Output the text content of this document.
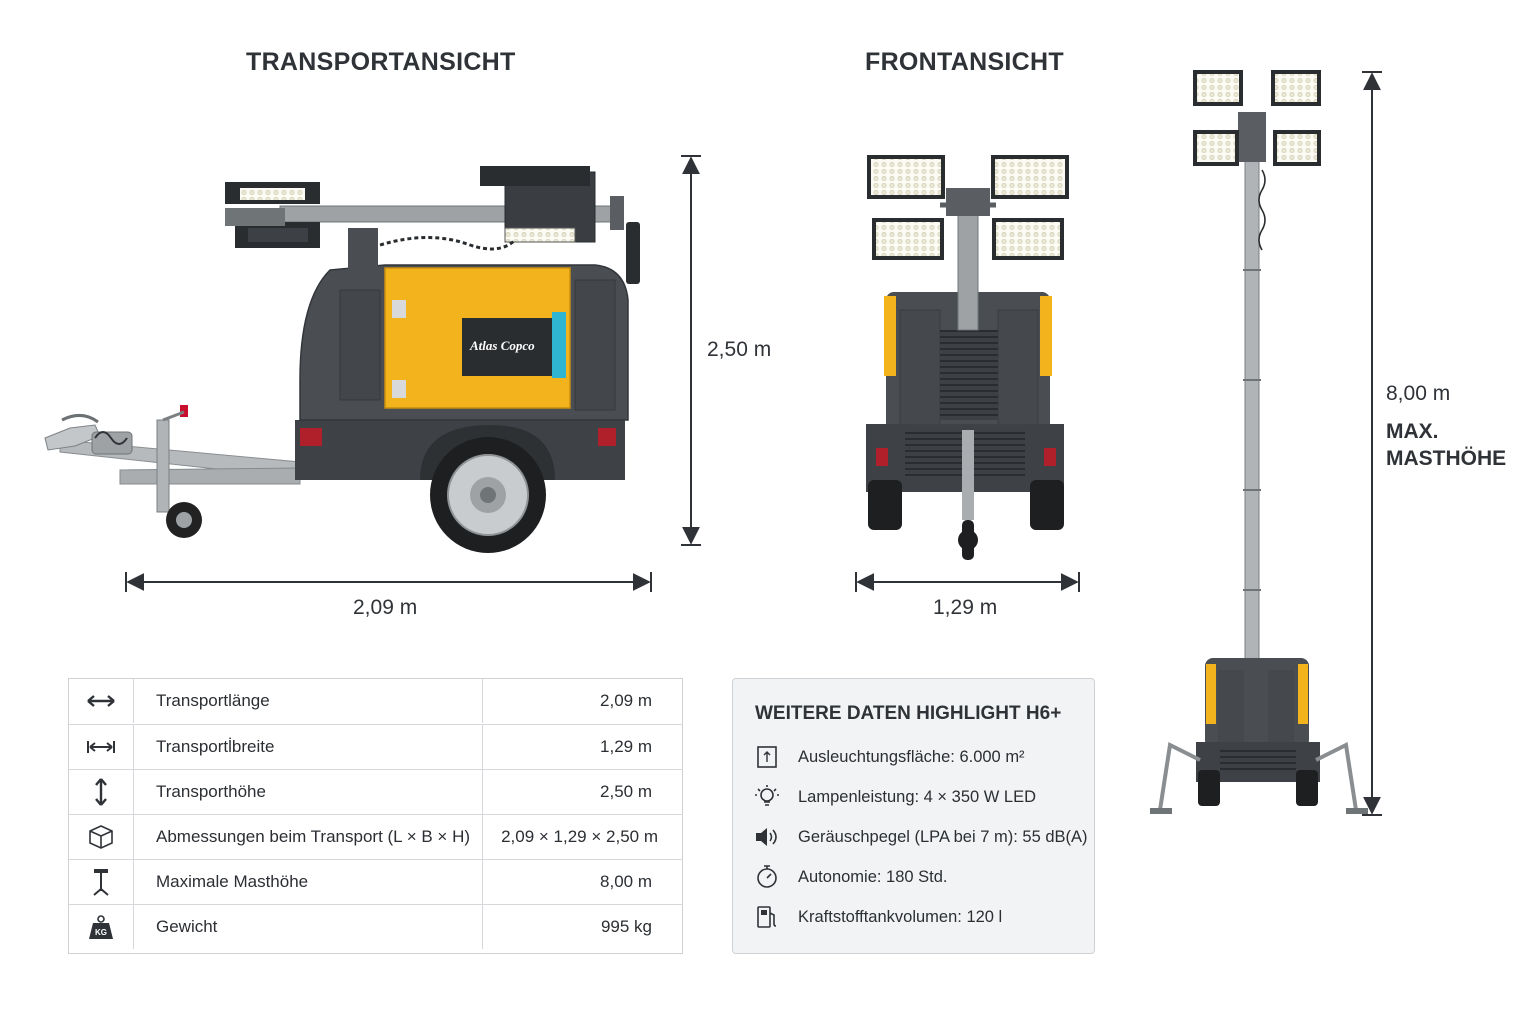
TRANSPORTANSICHT	FRONTANSICHT
Atlas Copco	2,50 m
2,09 m	1,29 m
8,00 m
MAX.
MASTHÖHE
Transportlänge	2,09 m
Transportl̇breite	1,29 m
Transporthöhe	2,50 m
Abmessungen beim Transport (L × B × H)	2,09 × 1,29 × 2,50 m
Maximale Masthöhe	8,00 m
KG	Gewicht	995 kg
WEITERE DATEN HIGHLIGHT H6+
Ausleuchtungsfläche: 6.000 m²
Lampenleistung: 4 × 350 W LED
Geräuschpegel (LPA bei 7 m): 55 dB(A)
Autonomie: 180 Std.
Kraftstofftankvolumen: 120 l
